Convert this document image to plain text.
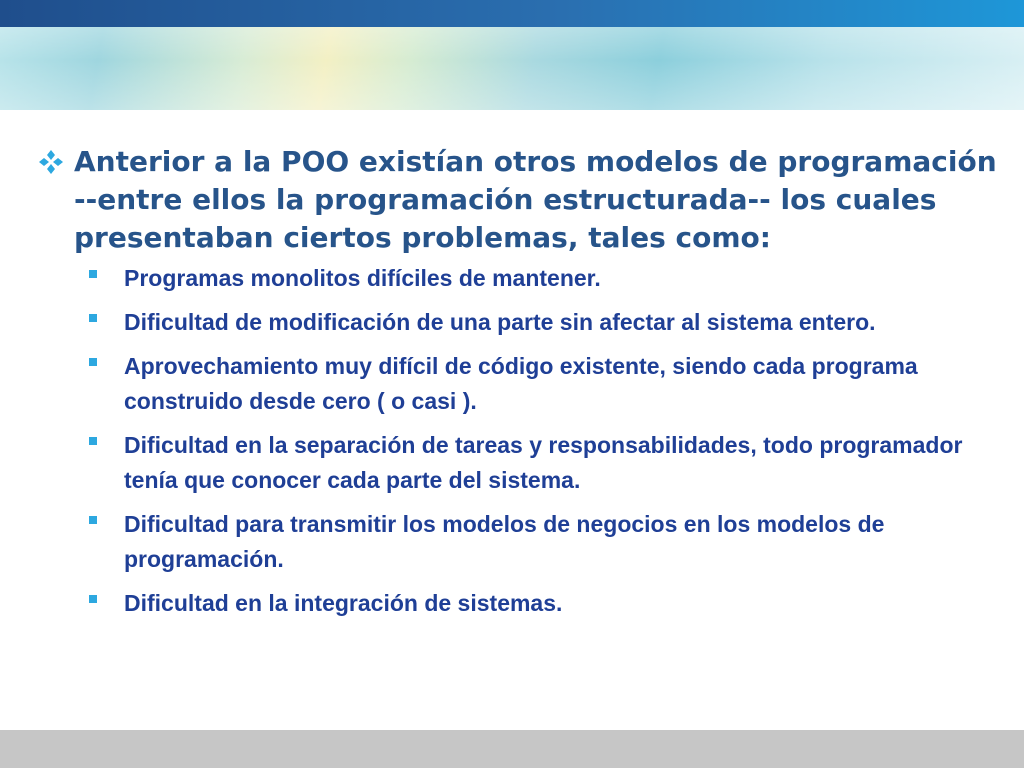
Anterior a la POO existían otros modelos de programación --entre ellos la programación estructurada-- los cuales presentaban ciertos problemas, tales como:

Programas monolitos difíciles de mantener.

Dificultad de modificación de una parte sin afectar al sistema entero.

Aprovechamiento muy difícil de código existente, siendo cada programa construido desde cero ( o casi ).

Dificultad en la separación de tareas y responsabilidades, todo programador tenía que conocer cada parte del sistema.

Dificultad para transmitir los modelos de negocios en los modelos de programación.

Dificultad en la integración de sistemas.
